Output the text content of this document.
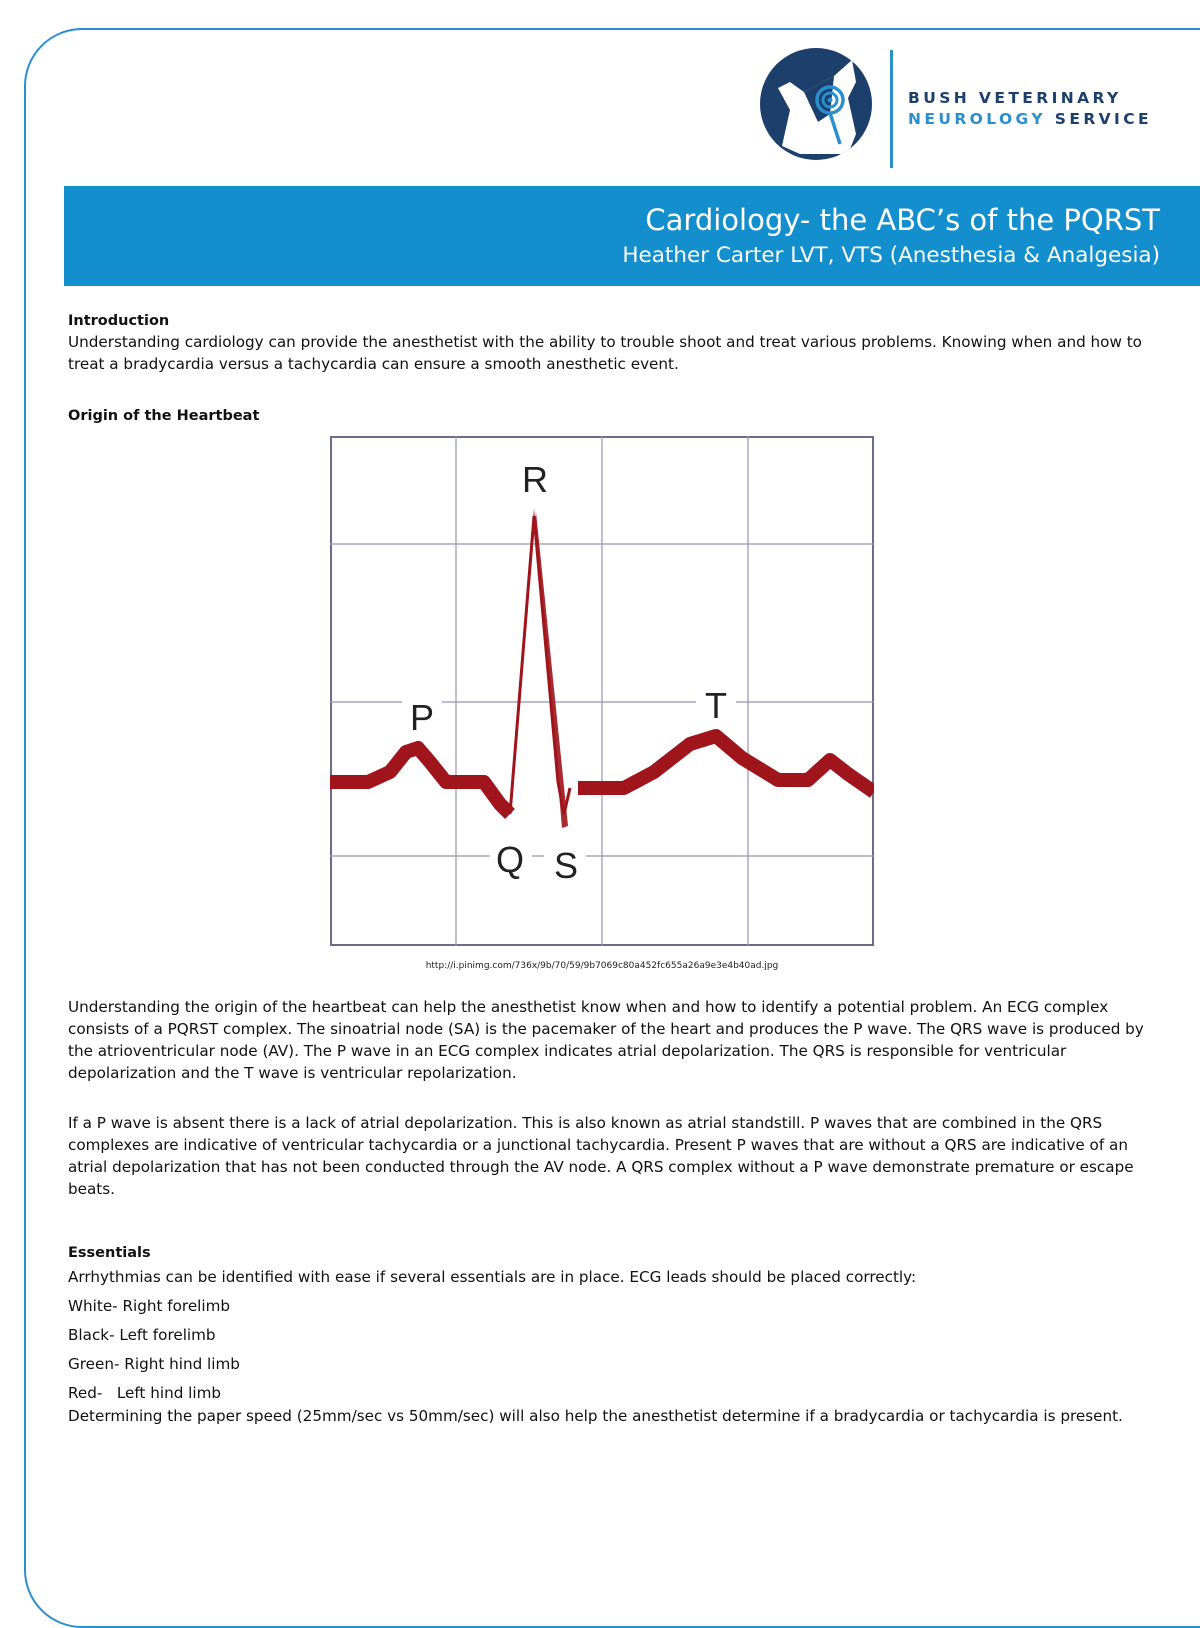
BUSH VETERINARY
NEUROLOGY SERVICE
Cardiology- the ABC’s of the PQRST
Heather Carter LVT, VTS (Anesthesia & Analgesia)
Introduction

Understanding cardiology can provide the anesthetist with the ability to trouble shoot and treat various problems. Knowing when and how to treat a bradycardia versus a tachycardia can ensure a smooth anesthetic event.

Origin of the Heartbeat
P
R
T
Q S
http://i.pinimg.com/736x/9b/70/59/9b7069c80a452fc655a26a9e3e4b40ad.jpg

Understanding the origin of the heartbeat can help the anesthetist know when and how to identify a potential problem. An ECG complex consists of a PQRST complex. The sinoatrial node (SA) is the pacemaker of the heart and produces the P wave. The QRS wave is produced by the atrioventricular node (AV). The P wave in an ECG complex indicates atrial depolarization. The QRS is responsible for ventricular depolarization and the T wave is ventricular repolarization.

If a P wave is absent there is a lack of atrial depolarization. This is also known as atrial standstill. P waves that are combined in the QRS complexes are indicative of ventricular tachycardia or a junctional tachycardia. Present P waves that are without a QRS are indicative of an atrial depolarization that has not been conducted through the AV node. A QRS complex without a P wave demonstrate premature or escape beats.

Essentials
Arrhythmias can be identified with ease if several essentials are in place. ECG leads should be placed correctly:
White- Right forelimb
Black- Left forelimb
Green- Right hind limb
Red-   Left hind limb

Determining the paper speed (25mm/sec vs 50mm/sec) will also help the anesthetist determine if a bradycardia or tachycardia is present.
